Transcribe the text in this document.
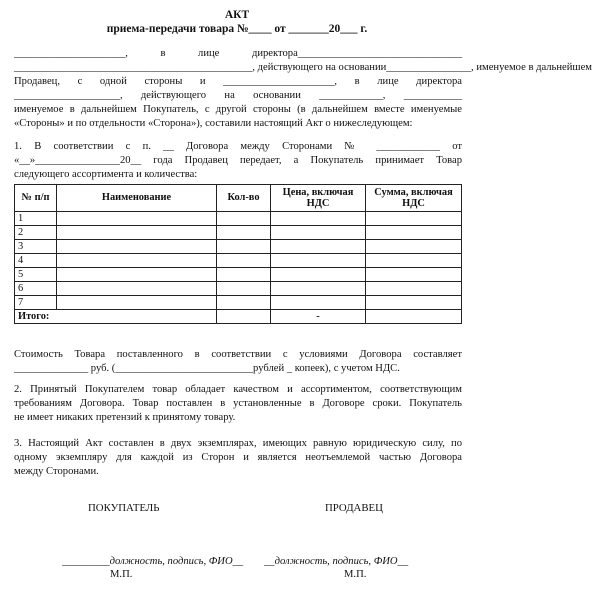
АКТ
приема-передачи товара №____ от _______20___ г.
_____________________, в лице директора_______________________________
_____________________________________________, действующего на основании________________, именуемое в дальнейшем
Продавец, с одной стороны и _____________________, в лице директора
____________________, действующего на основании ____________, ___________
именуемое в дальнейшем Покупатель, с другой стороны (в дальнейшем вместе именуемые
«Стороны» и по отдельности «Сторона»), составили настоящий Акт о нижеследующем:
1. В соответствии с п. __ Договора между Сторонами № ____________ от
«__»________________20__ года Продавец передает, а Покупатель принимает Товар
следующего ассортимента и количества:
№ п/п	Наименование	Кол-во	Цена, включая НДС	Сумма, включая НДС
1				
2				
3				
4				
5				
6				
7				
Итого:			-	
Стоимость Товара поставленного в соответствии с условиями Договора составляет
______________ руб. (__________________________рублей _ копеек), с учетом НДС.
2. Принятый Покупателем товар обладает качеством и ассортиментом, соответствующим
требованиям Договора. Товар поставлен в установленные в Договоре сроки. Покупатель
не имеет никаких претензий к принятому товару.
3. Настоящий Акт составлен в двух экземплярах, имеющих равную юридическую силу, по
одному экземпляру для каждой из Сторон и является неотъемлемой частью Договора
между Сторонами.
ПОКУПАТЕЛЬ	ПРОДАВЕЦ
_________должность, подпись, ФИО__ __должность, подпись, ФИО__
М.П.	М.П.
